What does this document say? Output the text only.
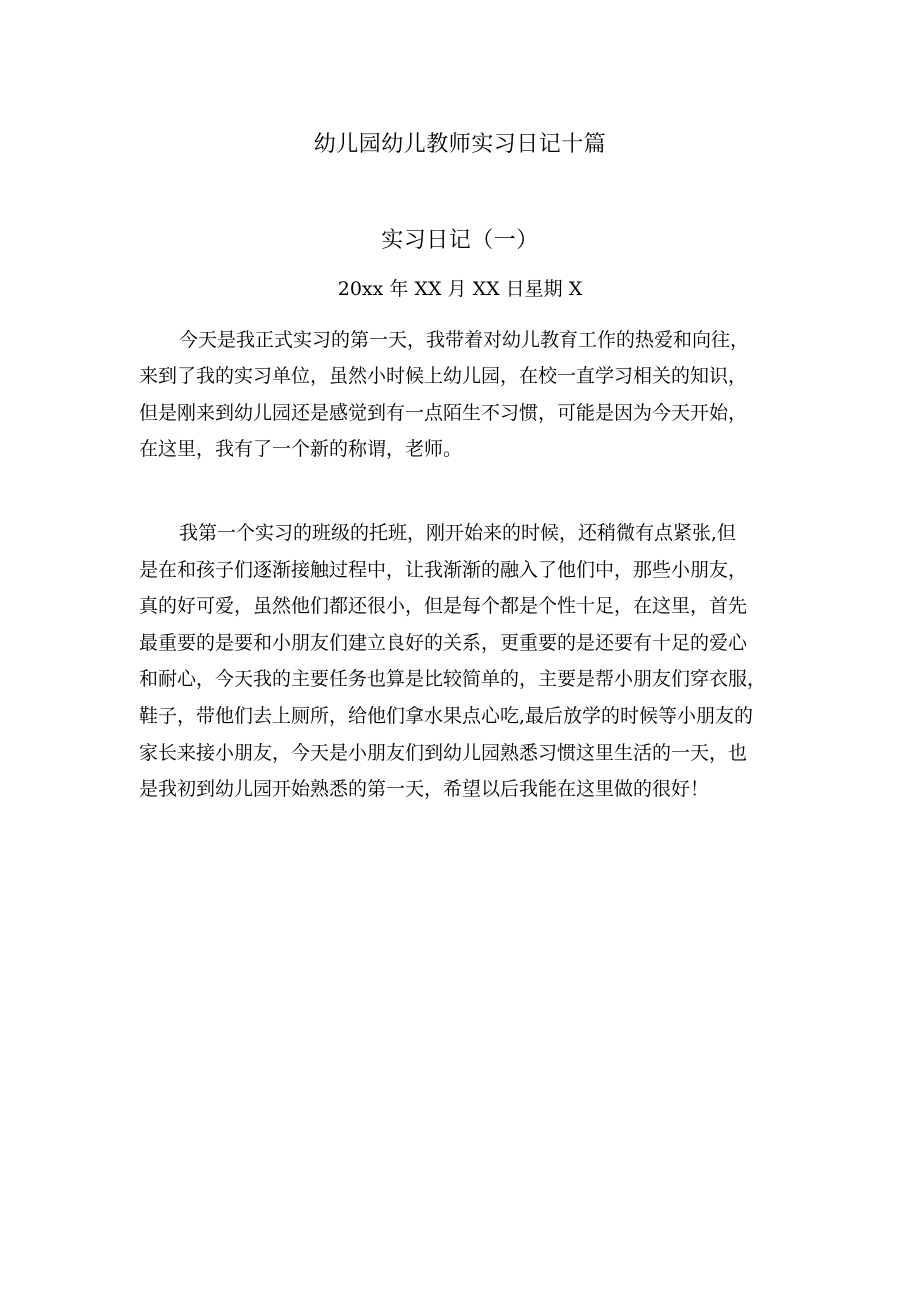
幼儿园幼儿教师实习日记十篇
实习日记（一）
20xx 年 XX 月 XX 日星期 X
今天是我正式实习的第一天，我带着对幼儿教育工作的热爱和向往，
来到了我的实习单位，虽然小时候上幼儿园，在校一直学习相关的知识，
但是刚来到幼儿园还是感觉到有一点陌生不习惯，可能是因为今天开始，
在这里，我有了一个新的称谓，老师。
我第一个实习的班级的托班，刚开始来的时候，还稍微有点紧张,但
是在和孩子们逐渐接触过程中，让我渐渐的融入了他们中，那些小朋友，
真的好可爱，虽然他们都还很小，但是每个都是个性十足，在这里，首先
最重要的是要和小朋友们建立良好的关系，更重要的是还要有十足的爱心
和耐心，今天我的主要任务也算是比较简单的，主要是帮小朋友们穿衣服，
鞋子，带他们去上厕所，给他们拿水果点心吃,最后放学的时候等小朋友的
家长来接小朋友，今天是小朋友们到幼儿园熟悉习惯这里生活的一天，也
是我初到幼儿园开始熟悉的第一天，希望以后我能在这里做的很好！
